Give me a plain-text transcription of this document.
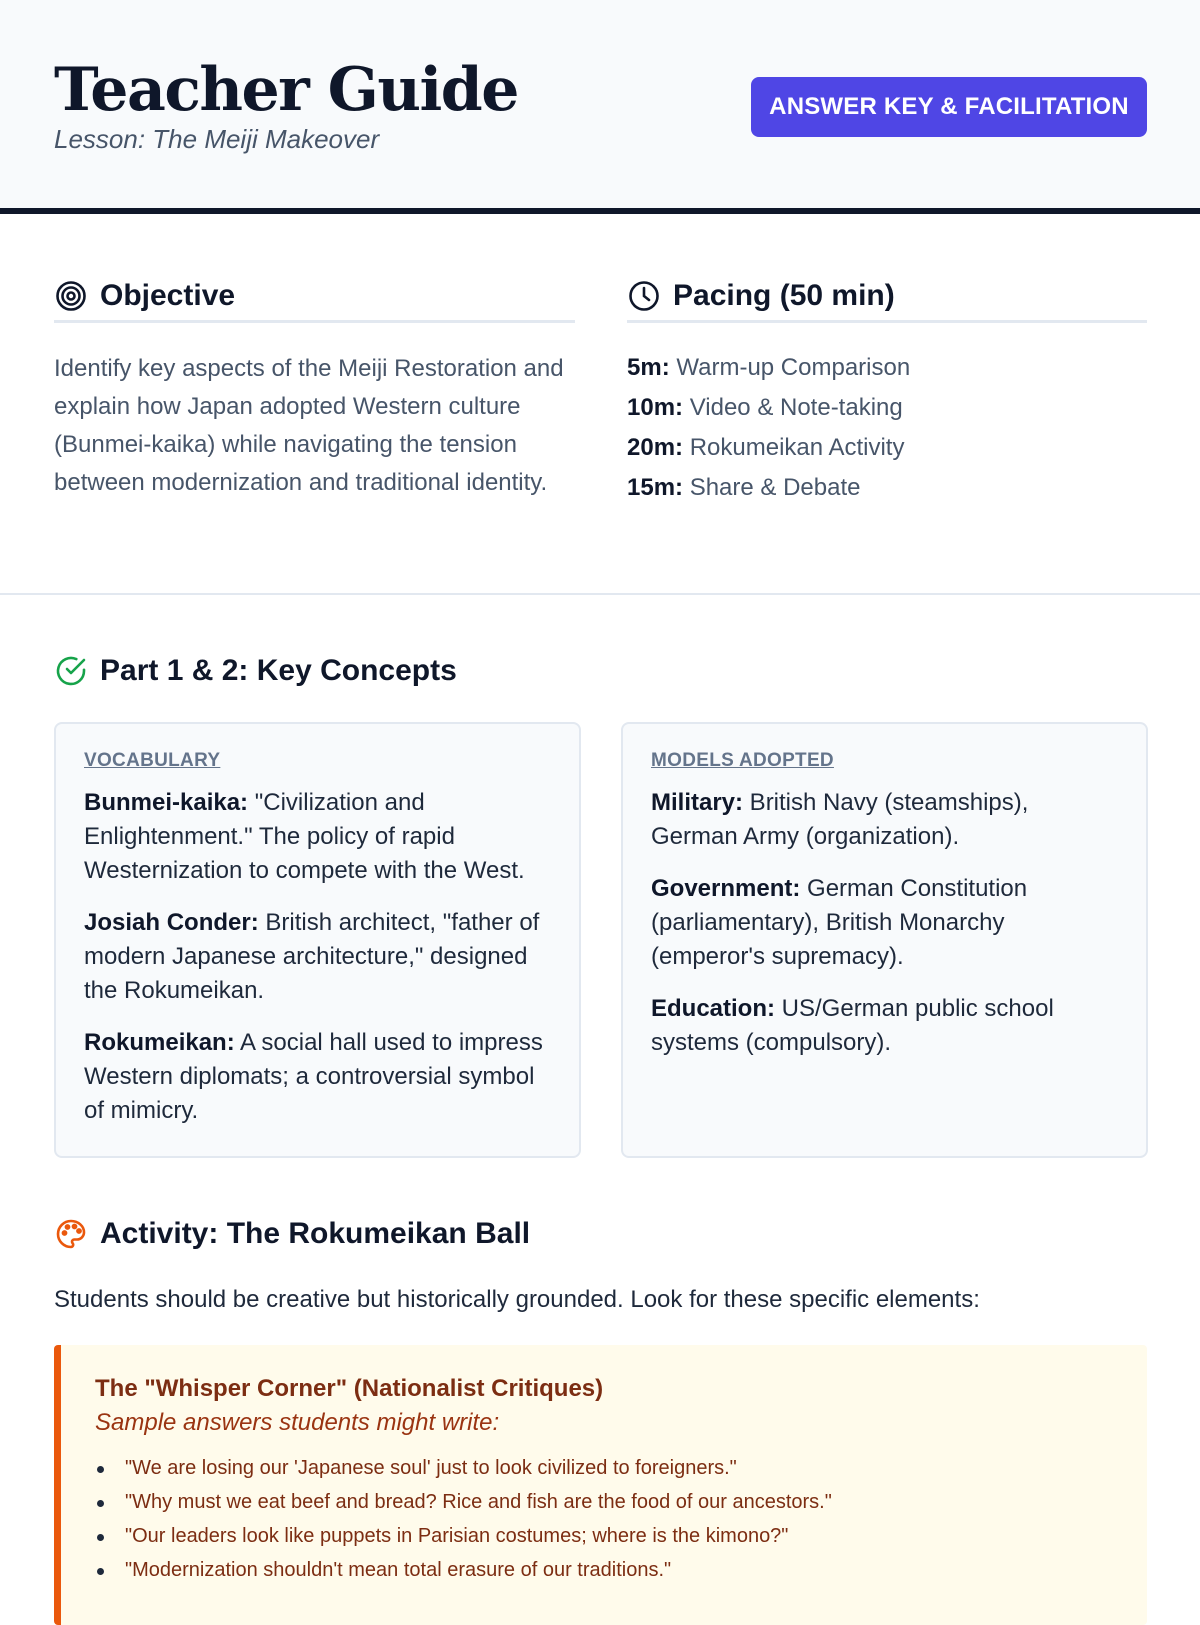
Teacher Guide
Lesson: The Meiji Makeover
ANSWER KEY & FACILITATION
Objective
Identify key aspects of the Meiji Restoration and explain how Japan adopted Western culture (Bunmei-kaika) while navigating the tension between modernization and traditional identity.
Pacing (50 min)
5m: Warm-up Comparison
10m: Video & Note-taking
20m: Rokumeikan Activity
15m: Share & Debate
Part 1 & 2: Key Concepts
VOCABULARY
Bunmei-kaika: "Civilization and Enlightenment." The policy of rapid Westernization to compete with the West.
Josiah Conder: British architect, "father of modern Japanese architecture," designed the Rokumeikan.
Rokumeikan: A social hall used to impress Western diplomats; a controversial symbol of mimicry.
MODELS ADOPTED
Military: British Navy (steamships), German Army (organization).
Government: German Constitution (parliamentary), British Monarchy (emperor's supremacy).
Education: US/German public school systems (compulsory).
Activity: The Rokumeikan Ball
Students should be creative but historically grounded. Look for these specific elements:
The "Whisper Corner" (Nationalist Critiques)
Sample answers students might write:
"We are losing our 'Japanese soul' just to look civilized to foreigners."
"Why must we eat beef and bread? Rice and fish are the food of our ancestors."
"Our leaders look like puppets in Parisian costumes; where is the kimono?"
"Modernization shouldn't mean total erasure of our traditions."
